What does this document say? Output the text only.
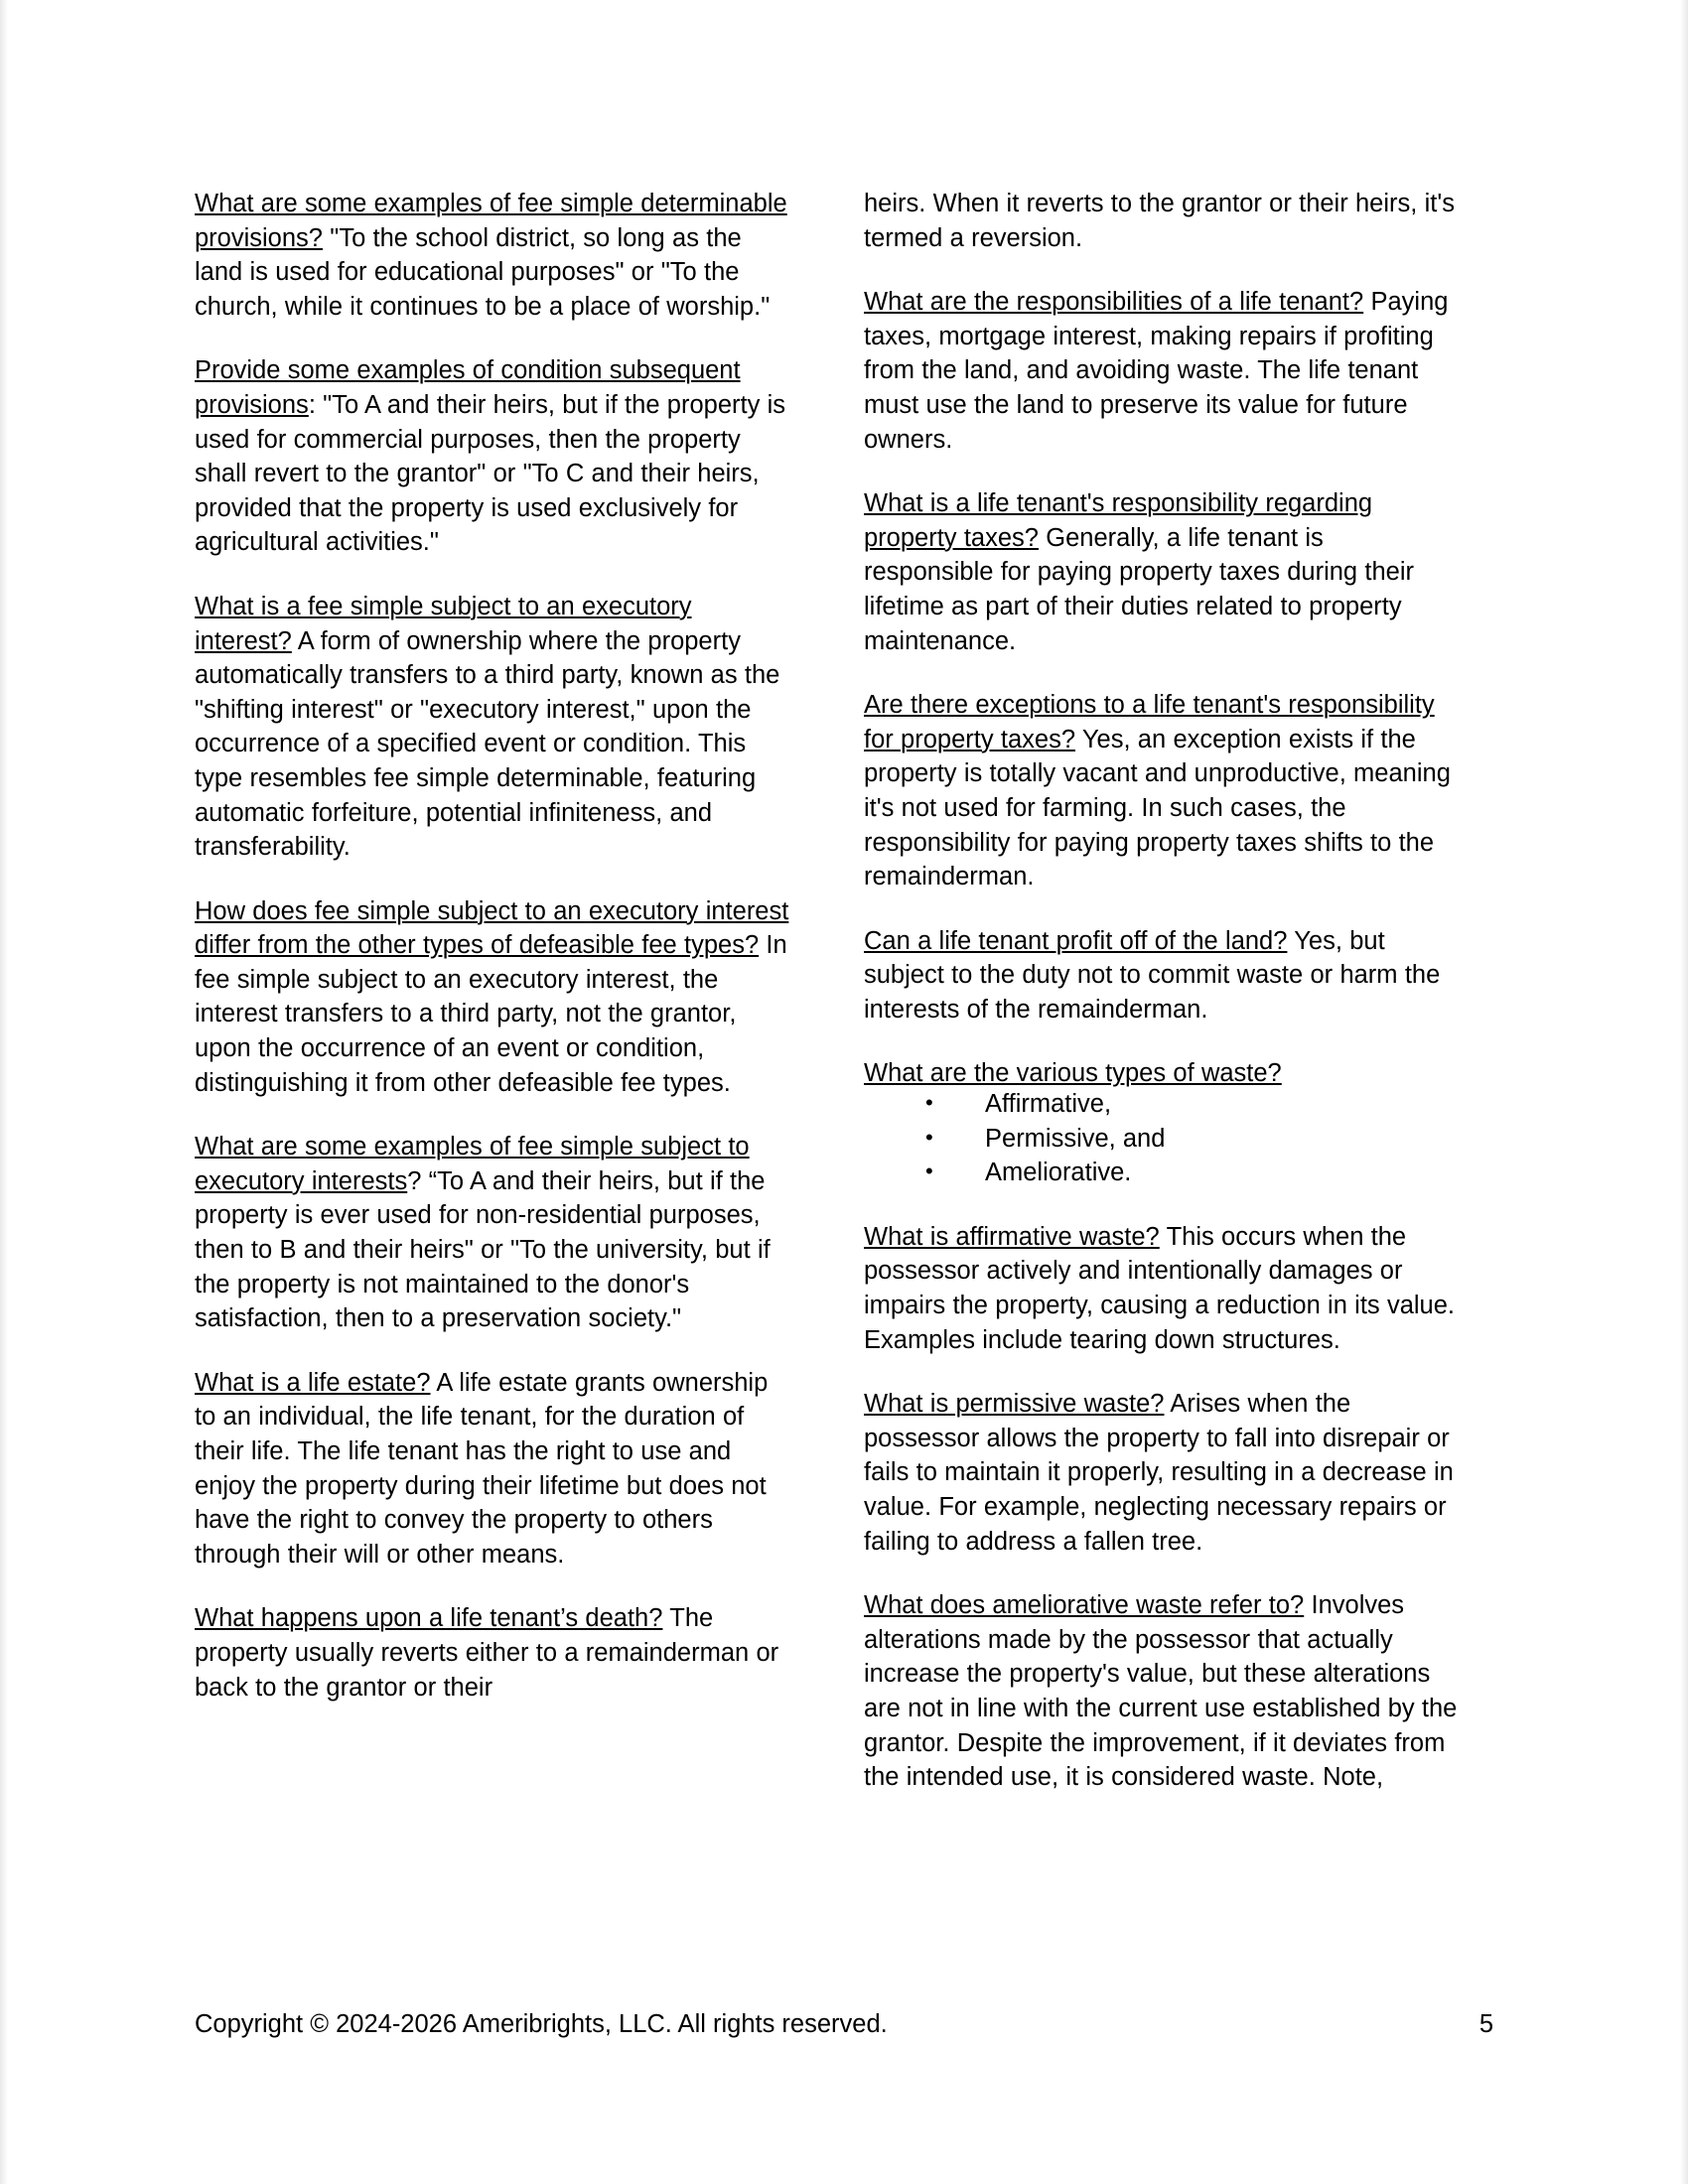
What are some examples of fee simple determinable provisions? "To the school district, so long as the land is used for educational purposes" or "To the church, while it continues to be a place of worship."

Provide some examples of condition subsequent provisions: "To A and their heirs, but if the property is used for commercial purposes, then the property shall revert to the grantor" or "To C and their heirs, provided that the property is used exclusively for agricultural activities."

What is a fee simple subject to an executory interest? A form of ownership where the property automatically transfers to a third party, known as the "shifting interest" or "executory interest," upon the occurrence of a specified event or condition. This type resembles fee simple determinable, featuring automatic forfeiture, potential infiniteness, and transferability.

How does fee simple subject to an executory interest differ from the other types of defeasible fee types? In fee simple subject to an executory interest, the interest transfers to a third party, not the grantor, upon the occurrence of an event or condition, distinguishing it from other defeasible fee types.

What are some examples of fee simple subject to executory interests? “To A and their heirs, but if the property is ever used for non-residential purposes, then to B and their heirs" or "To the university, but if the property is not maintained to the donor's satisfaction, then to a preservation society."

What is a life estate? A life estate grants ownership to an individual, the life tenant, for the duration of their life. The life tenant has the right to use and enjoy the property during their lifetime but does not have the right to convey the property to others through their will or other means.

What happens upon a life tenant’s death? The property usually reverts either to a remainderman or back to the grantor or their

heirs. When it reverts to the grantor or their heirs, it's termed a reversion.

What are the responsibilities of a life tenant? Paying taxes, mortgage interest, making repairs if profiting from the land, and avoiding waste. The life tenant must use the land to preserve its value for future owners.

What is a life tenant's responsibility regarding property taxes? Generally, a life tenant is responsible for paying property taxes during their lifetime as part of their duties related to property maintenance.

Are there exceptions to a life tenant's responsibility for property taxes? Yes, an exception exists if the property is totally vacant and unproductive, meaning it's not used for farming. In such cases, the responsibility for paying property taxes shifts to the remainderman.

Can a life tenant profit off of the land? Yes, but subject to the duty not to commit waste or harm the interests of the remainderman.

What are the various types of waste?

• Affirmative,
• Permissive, and
• Ameliorative.

What is affirmative waste? This occurs when the possessor actively and intentionally damages or impairs the property, causing a reduction in its value. Examples include tearing down structures.

What is permissive waste? Arises when the possessor allows the property to fall into disrepair or fails to maintain it properly, resulting in a decrease in value. For example, neglecting necessary repairs or failing to address a fallen tree.

What does ameliorative waste refer to? Involves alterations made by the possessor that actually increase the property's value, but these alterations are not in line with the current use established by the grantor. Despite the improvement, if it deviates from the intended use, it is considered waste. Note,

Copyright © 2024-2026 Ameribrights, LLC. All rights reserved.	5
